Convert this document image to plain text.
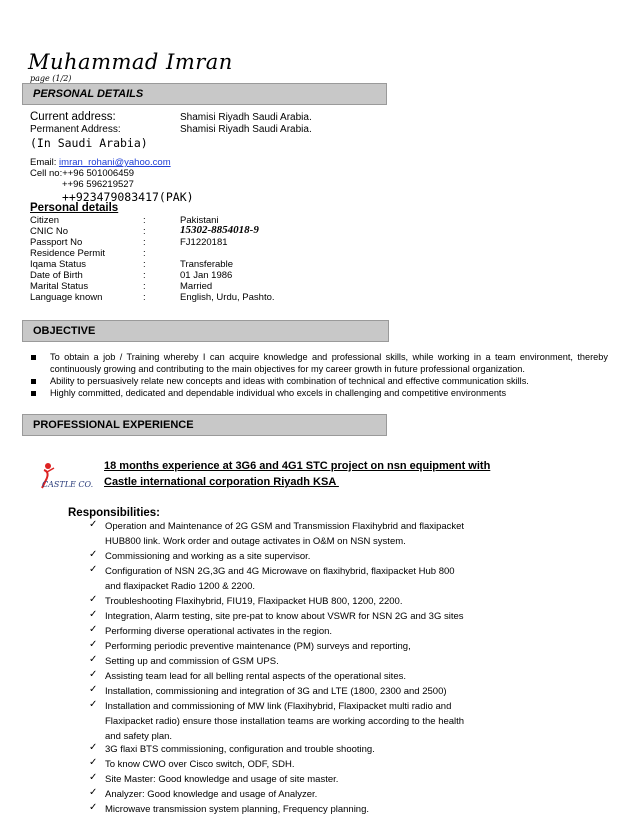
Muhammad Imran
page (1/2)
PERSONAL DETAILS
Current address:	Shamisi Riyadh Saudi Arabia.
Permanent Address:	Shamisi Riyadh Saudi Arabia.
(In Saudi Arabia)
Email: imran_rohani@yahoo.com
Cell no:++96 501006459
++96 596219527
++923479083417(PAK)
Personal details
Citizen	:	Pakistani
CNIC No	:	15302-8854018-9
Passport No	:	FJ1220181
Residence Permit	:
Iqama Status	:	Transferable
Date of Birth	:	01 Jan 1986
Marital Status	:	Married
Language known	:	English, Urdu, Pashto.
OBJECTIVE
To obtain a job / Training whereby I can acquire knowledge and professional skills, while working in a team environment, thereby continuously growing and contributing to the main objectives for my career growth in future professional organization.
Ability to persuasively relate new concepts and ideas with combination of technical and effective communication skills.
Highly committed, dedicated and dependable individual who excels in challenging and competitive environments
PROFESSIONAL EXPERIENCE
CASTLE CO.
18 months experience at 3G6 and 4G1 STC project on nsn equipment with
Castle international corporation Riyadh KSA
Responsibilities:
✓ Operation and Maintenance of 2G GSM and Transmission Flaxihybrid and flaxipacket HUB800 link. Work order and outage activates in O&M on NSN system.
✓ Commissioning and working as a site supervisor.
✓ Configuration of NSN 2G,3G and 4G Microwave on flaxihybrid, flaxipacket Hub 800 and flaxipacket Radio 1200 & 2200.
✓ Troubleshooting Flaxihybrid, FIU19, Flaxipacket HUB 800, 1200, 2200.
✓ Integration, Alarm testing, site pre-pat to know about VSWR for NSN 2G and 3G sites
✓ Performing diverse operational activates in the region.
✓ Performing periodic preventive maintenance (PM) surveys and reporting,
✓ Setting up and commission of GSM UPS.
✓ Assisting team lead for all belling rental aspects of the operational sites.
✓ Installation, commissioning and integration of 3G and LTE (1800, 2300 and 2500)
✓ Installation and commissioning of MW link (Flaxihybrid, Flaxipacket multi radio and Flaxipacket radio) ensure those installation teams are working according to the health and safety plan.
✓ 3G flaxi BTS commissioning, configuration and trouble shooting.
✓ To know CWO over Cisco switch, ODF, SDH.
✓ Site Master: Good knowledge and usage of site master.
✓ Analyzer: Good knowledge and usage of Analyzer.
✓ Microwave transmission system planning, Frequency planning.
